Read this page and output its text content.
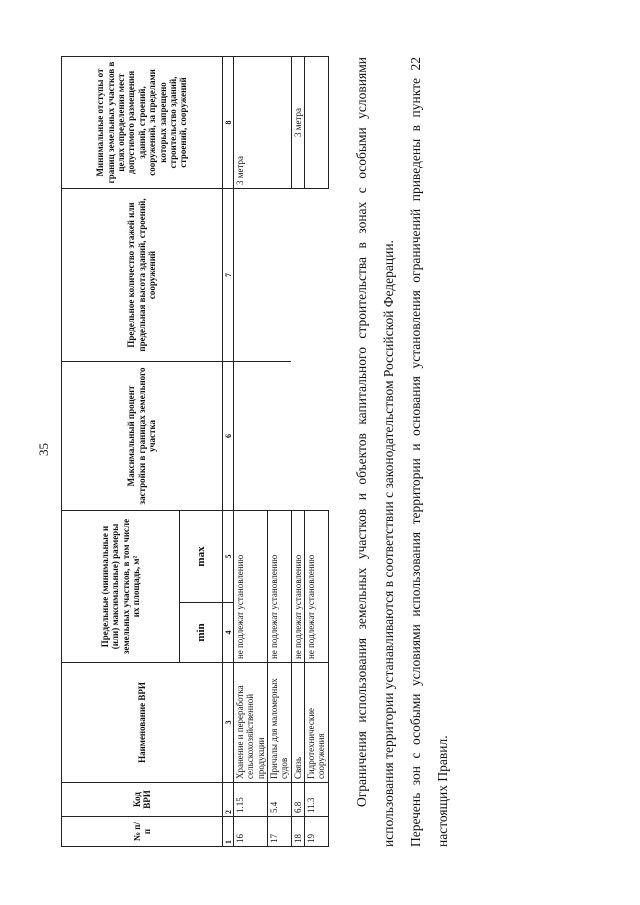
35
№ п/п	Код ВРИ	Наименование ВРИ	Предельные (минимальные и (или) максимальные) размеры земельных участков, в том числе их площадь, м²		Максимальный процент застройки в границах земельного участка	Предельное количество этажей или предельная высота зданий, строений, сооружений	Минимальные отступы от границ земельных участков в целях определения мест допустимого размещения зданий, строений, сооружений, за пределами которых запрещено строительство зданий, строений, сооружений
			min	max			
1	2	3	4	5	6	7	8
16	1.15	Хранение и переработка сельскохозяйственной продукции	не подлежат установлению				3 метра
17	5.4	Причалы для маломерных судов	не подлежат установлению				
18	6.8	Связь	не подлежат установлению				3 метра
19	11.3	Гидротехнические сооружения	не подлежат установлению					Ограничения использования земельных участков и объектов капитального строительства в зонах с особыми условиями использования территории устанавливаются в соответствии с законодательством Российской Федерации. Перечень зон с особыми условиями использования территории и основания установления ограничений приведены в пункте 22 настоящих Правил.
